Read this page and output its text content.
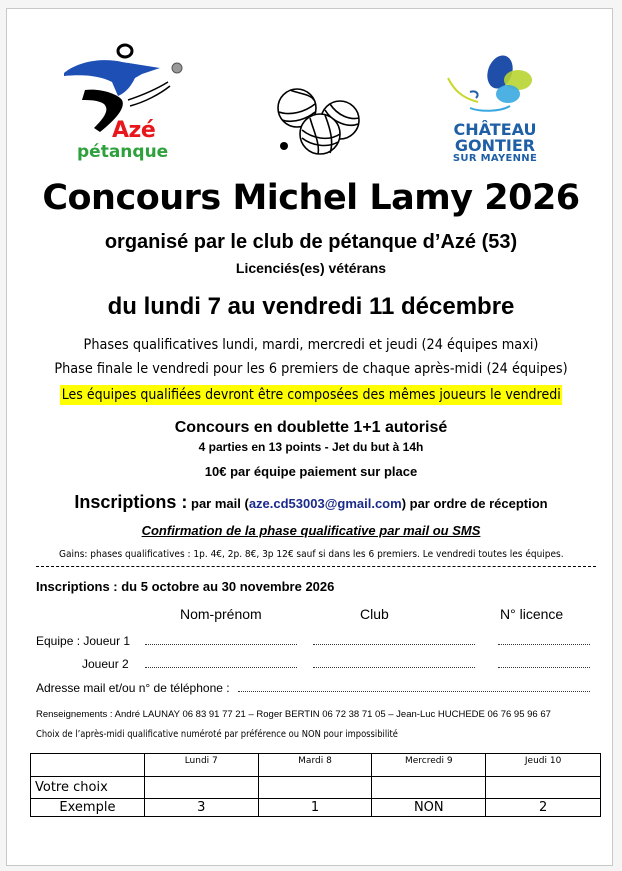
Azé
pétanque
CHÂTEAU
GONTIER
SUR MAYENNE
Concours Michel Lamy 2026
organisé par le club de pétanque d’Azé (53)
Licenciés(es) vétérans
du lundi 7 au vendredi 11 décembre
Phases qualificatives lundi, mardi, mercredi et jeudi (24 équipes maxi)
Phase finale le vendredi pour les 6 premiers de chaque après-midi (24 équipes)
Les équipes qualifiées devront être composées des mêmes joueurs le vendredi
Concours en doublette 1+1 autorisé
4 parties en 13 points - Jet du but à 14h
10€ par équipe paiement sur place
Inscriptions : par mail (aze.cd53003@gmail.com) par ordre de réception
Confirmation de la phase qualificative par mail ou SMS
Gains: phases qualificatives : 1p. 4€, 2p. 8€, 3p 12€ sauf si dans les 6 premiers. Le vendredi toutes les équipes.
Inscriptions : du 5 octobre au 30 novembre 2026
Nom-prénom	Club	N° licence
Equipe : Joueur 1
Joueur 2
Adresse mail et/ou n° de téléphone :
Renseignements : André LAUNAY 06 83 91 77 21 – Roger BERTIN 06 72 38 71 05 – Jean-Luc HUCHEDE 06 76 95 96 67
Choix de l’après-midi qualificative numéroté par préférence ou NON pour impossibilité
	Lundi 7	Mardi 8	Mercredi 9	Jeudi 10
Votre choix				
Exemple	3	1	NON	2
